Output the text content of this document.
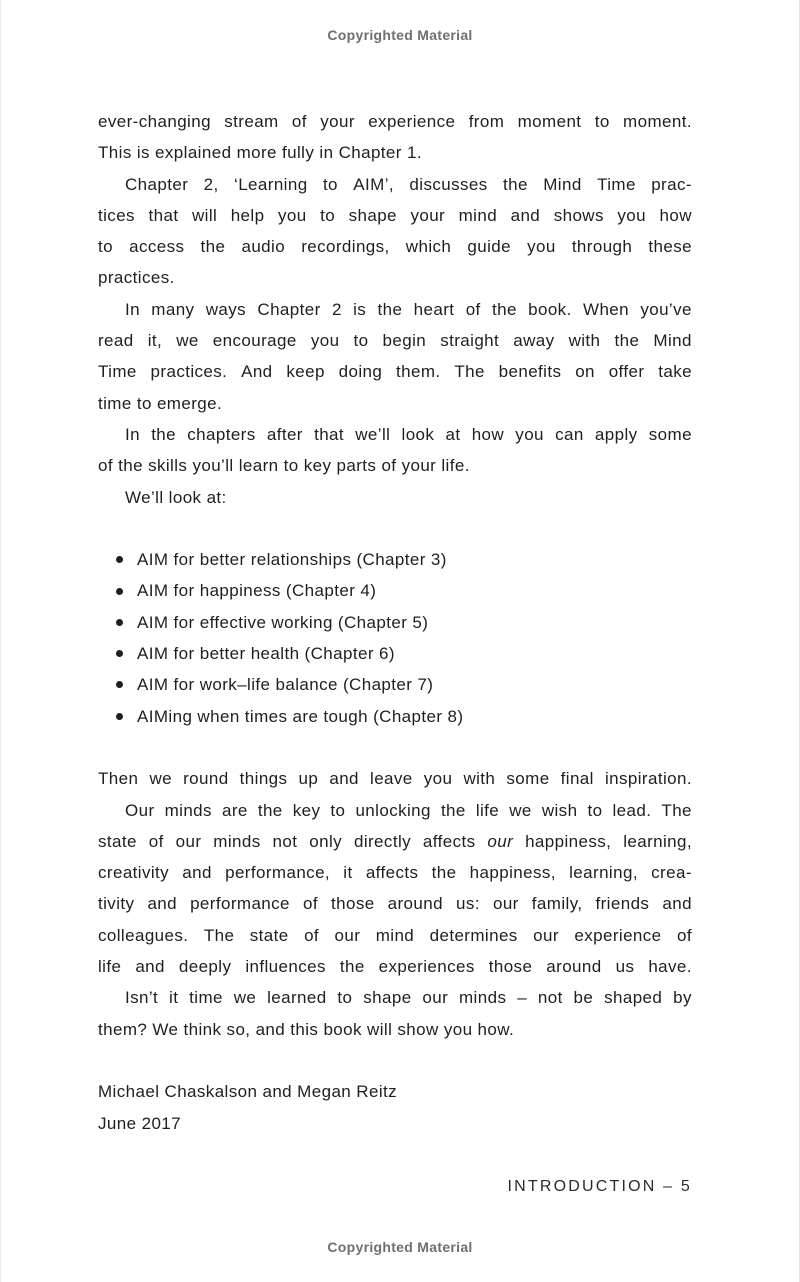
Copyrighted Material
ever-changing stream of your experience from moment to moment.
This is explained more fully in Chapter 1.
Chapter 2, ‘Learning to AIM’, discusses the Mind Time prac-
tices that will help you to shape your mind and shows you how
to access the audio recordings, which guide you through these
practices.
In many ways Chapter 2 is the heart of the book. When you’ve
read it, we encourage you to begin straight away with the Mind
Time practices. And keep doing them. The benefits on offer take
time to emerge.
In the chapters after that we’ll look at how you can apply some
of the skills you’ll learn to key parts of your life.
We’ll look at:
AIM for better relationships (Chapter 3)
AIM for happiness (Chapter 4)
AIM for effective working (Chapter 5)
AIM for better health (Chapter 6)
AIM for work–life balance (Chapter 7)
AIMing when times are tough (Chapter 8)
Then we round things up and leave you with some final inspiration.
Our minds are the key to unlocking the life we wish to lead. The
state of our minds not only directly affects our happiness, learning,
creativity and performance, it affects the happiness, learning, crea-
tivity and performance of those around us: our family, friends and
colleagues. The state of our mind determines our experience of
life and deeply influences the experiences those around us have.
Isn’t it time we learned to shape our minds – not be shaped by
them? We think so, and this book will show you how.
Michael Chaskalson and Megan Reitz
June 2017
INTRODUCTION – 5
Copyrighted Material
